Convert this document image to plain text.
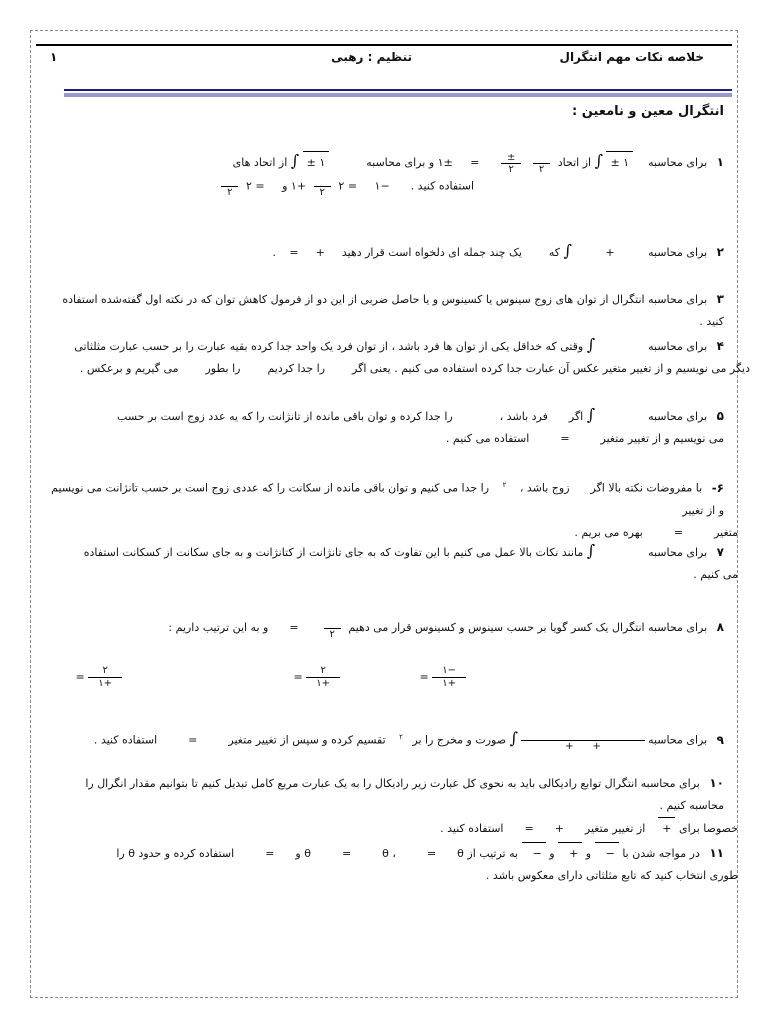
خلاصه نکات مهم انتگرال
تنظیم : رهبی
۱
انتگرال معین و نامعین :
۱ برای محاسبه  ۱ ± ∫ از اتحاد

۲

$\frac{\pm}{۲}$
= ±۱ و برای محاسبه  ۱ ± ∫ از اتحاد های
استفاده کنید .  −۱ = ۲

۲
+۱ و = ۲

۲
۲ برای محاسبه + ∫ که  یک چند جمله ای دلخواه است قرار دهید  +  = .
۳ برای محاسبه انتگرال از توان های زوج سینوس یا کسینوس و یا حاصل ضربی از این دو از فرمول کاهش توان که در نکته اول گفته‌شده استفاده کنید .
۴ برای محاسبه  ∫ وقتی که خداقل یکی از توان ها فرد باشد ، از توان فرد یک واحد جدا کرده بقیه عبارت را بر حسب عبارت مثلثاتی
دیگر می نویسیم و از تغییر متغیر عکس آن عبارت جدا کرده استفاده می کنیم . یعنی اگر  را جدا کردیم  را بطور  می گیریم و برعکس .
۵ برای محاسبه  ∫ اگر  فرد باشد ،  را جدا کرده و توان باقی مانده از تانژانت را که یه عدد زوج است بر حسب
می نویسیم و از تغییر متغیر  =  استفاده می کنیم .
۶- با مفروضات نکته بالا اگر  زوج باشد ، $^۲$ را جدا می کنیم و توان باقی مانده از سکانت را که عددی زوج است بر حسب تانژانت می نویسیم و از تغییر
متغیر  =  بهره می بریم .
۷ برای محاسبه  ∫ مانند نکات بالا عمل می کنیم با این تفاوت که به جای تانژانت از کتانژانت و به جای سکانت از کسکانت استفاده
می کنیم .
۸ برای محاسبه انتگرال یک کسر گویا بر حسب سینوس و کسینوس قرار می دهیم

۲
=  و به این ترتیب داریم :
=	۲
۱+	=	۱−
۱+
=	۲
۱+
۹ برای محاسبه

+      +
∫ صورت و مخرج را بر $^۲$ تقسیم کرده و سپس از تغییر متغیر  =  استفاده کنید .
۱۰ برای محاسبه انتگرال توابع رادیکالی باید به نحوی کل عبارت زیر رادیکال را به یک عبارت مربع کامل تبدیل کنیم تا بتوانیم مقدار انگرال را محاسبه کنیم .
خصوصا برای +  از تغییر متغیر  +  =  استفاده کنید .
۱۱ در مواجه شدن با −   و +   و −   به ترتیب از θ	=	θ ،	=  θ و  =  استفاده کرده و حدود θ را
طوری انتخاب کنید که تابع مثلثاتی دارای معکوس باشد .
